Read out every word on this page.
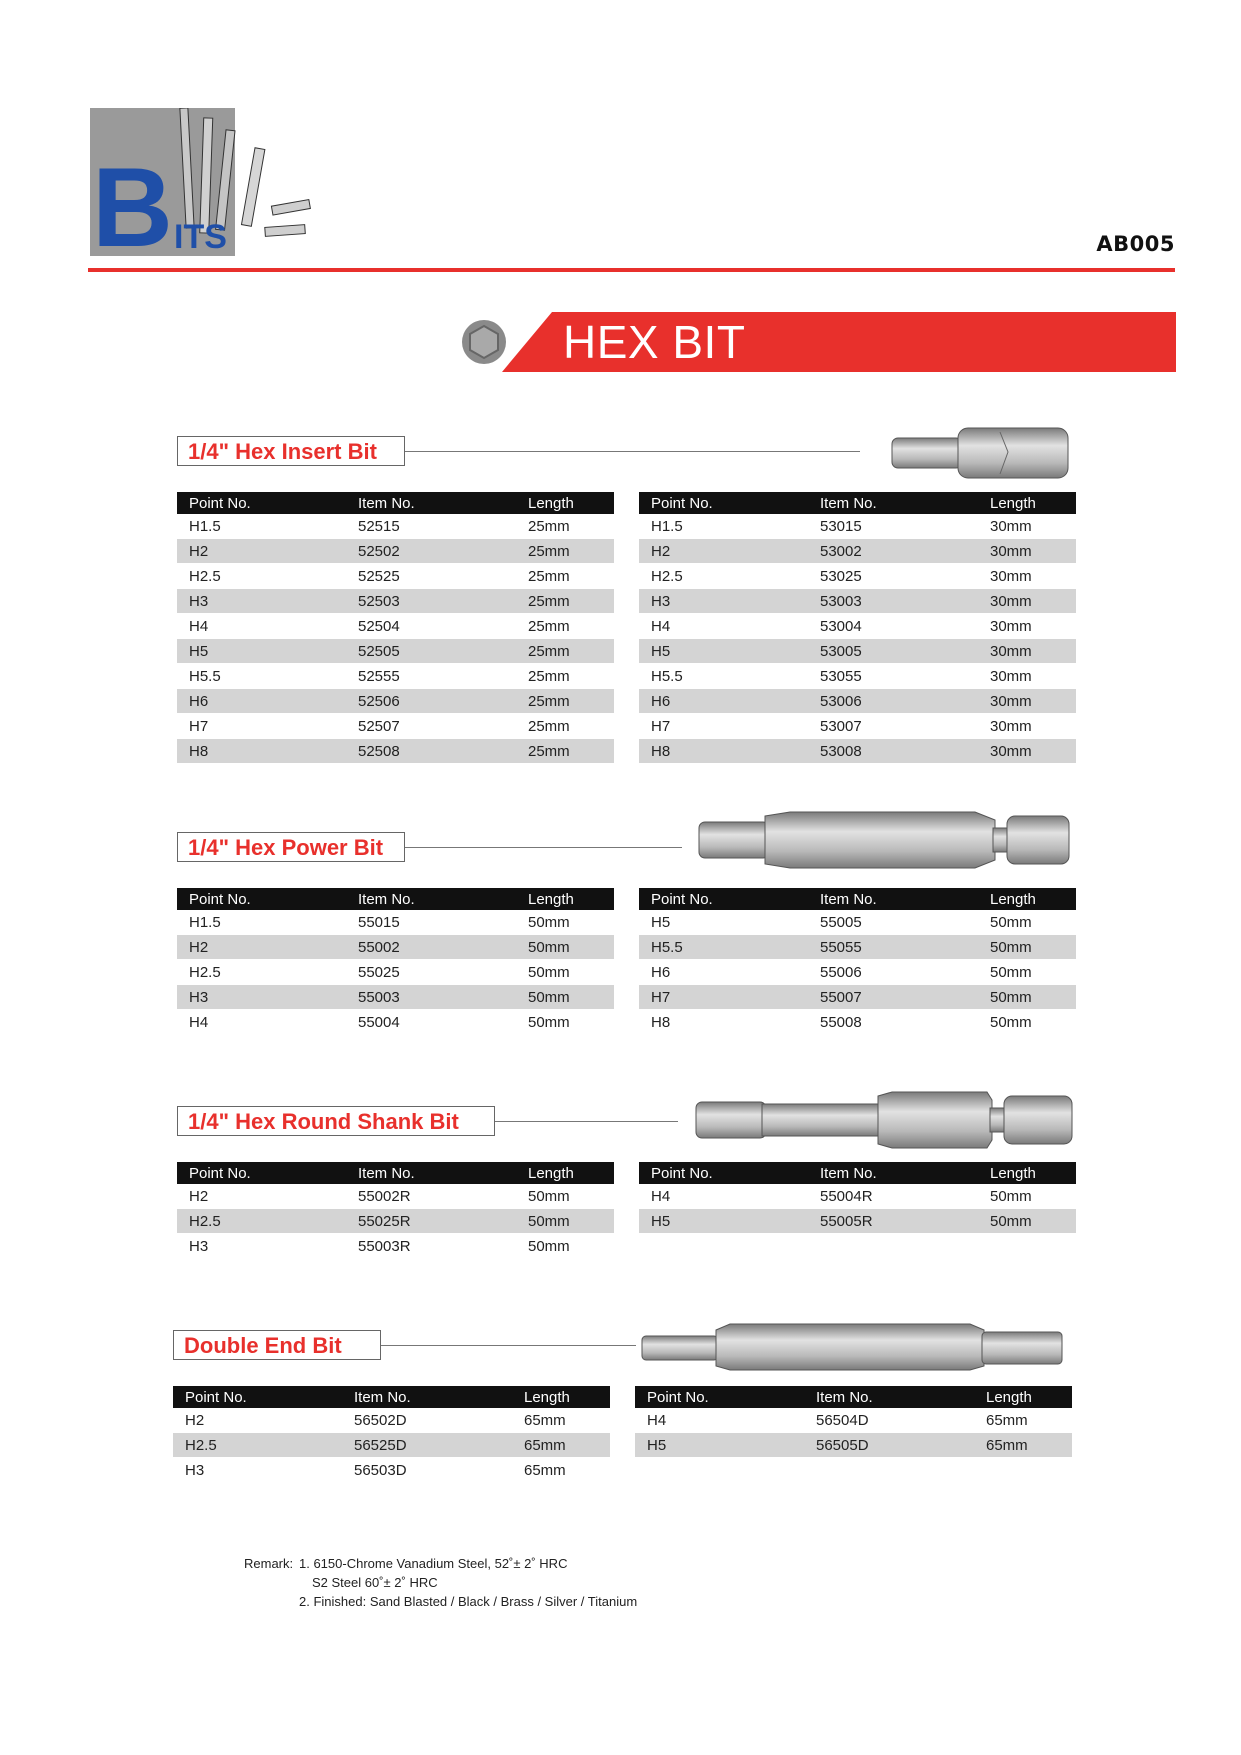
B ITS	AB005
HEX BIT
1/4" Hex Insert Bit
Point No.	Item No.	Length
H1.5	52515	25mm
H2	52502	25mm
H2.5	52525	25mm
H3	52503	25mm
H4	52504	25mm
H5	52505	25mm
H5.5	52555	25mm
H6	52506	25mm
H7	52507	25mm
H8	52508	25mm
Point No.	Item No.	Length
H1.5	53015	30mm
H2	53002	30mm
H2.5	53025	30mm
H3	53003	30mm
H4	53004	30mm
H5	53005	30mm
H5.5	53055	30mm
H6	53006	30mm
H7	53007	30mm
H8	53008	30mm
1/4" Hex Power Bit
Point No.	Item No.	Length
H1.5	55015	50mm
H2	55002	50mm
H2.5	55025	50mm
H3	55003	50mm
H4	55004	50mm
Point No.	Item No.	Length
H5	55005	50mm
H5.5	55055	50mm
H6	55006	50mm
H7	55007	50mm
H8	55008	50mm
1/4" Hex Round Shank Bit
Point No.	Item No.	Length
H2	55002R	50mm
H2.5	55025R	50mm
H3	55003R	50mm
Point No.	Item No.	Length
H4	55004R	50mm
H5	55005R	50mm
Double End Bit
Point No.	Item No.	Length
H2	56502D	65mm
H2.5	56525D	65mm
H3	56503D	65mm
Point No.	Item No.	Length
H4	56504D	65mm
H5	56505D	65mm
Remark: 1. 6150-Chrome Vanadium Steel, 52˚± 2˚ HRC
S2 Steel 60˚± 2˚ HRC
2. Finished: Sand Blasted / Black / Brass / Silver / Titanium
